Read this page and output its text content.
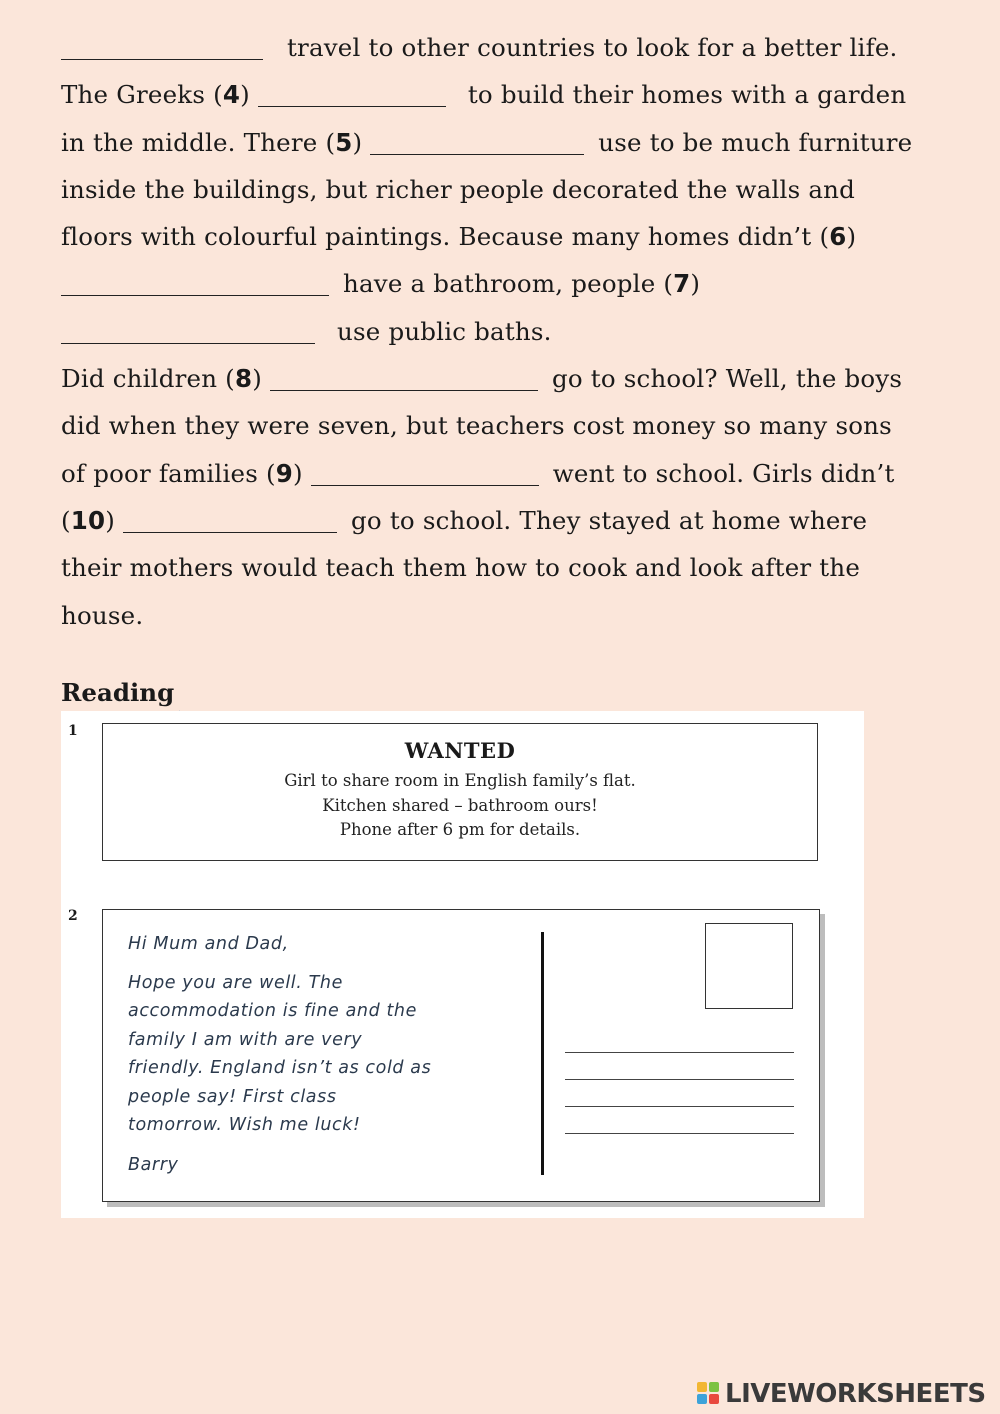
travel to other countries to look for a better life.
The Greeks (4)	to build their homes with a garden
in the middle. There (5)	use to be much furniture
inside the buildings, but richer people decorated the walls and
floors with colourful paintings. Because many homes didn’t (6)
have a bathroom, people (7)
use public baths.
Did children (8)	go to school? Well, the boys
did when they were seven, but teachers cost money so many sons
of poor families (9)	went to school. Girls didn’t
(10)	go to school. They stayed at home where
their mothers would teach them how to cook and look after the
house.
Reading
1
WANTED
Girl to share room in English family’s flat.
Kitchen shared – bathroom ours!
Phone after 6 pm for details.
2
Hi Mum and Dad,
Hope you are well. The
accommodation is fine and the
family I am with are very
friendly. England isn’t as cold as
people say! First class
tomorrow. Wish me luck!
Barry
LIVEWORKSHEETS
